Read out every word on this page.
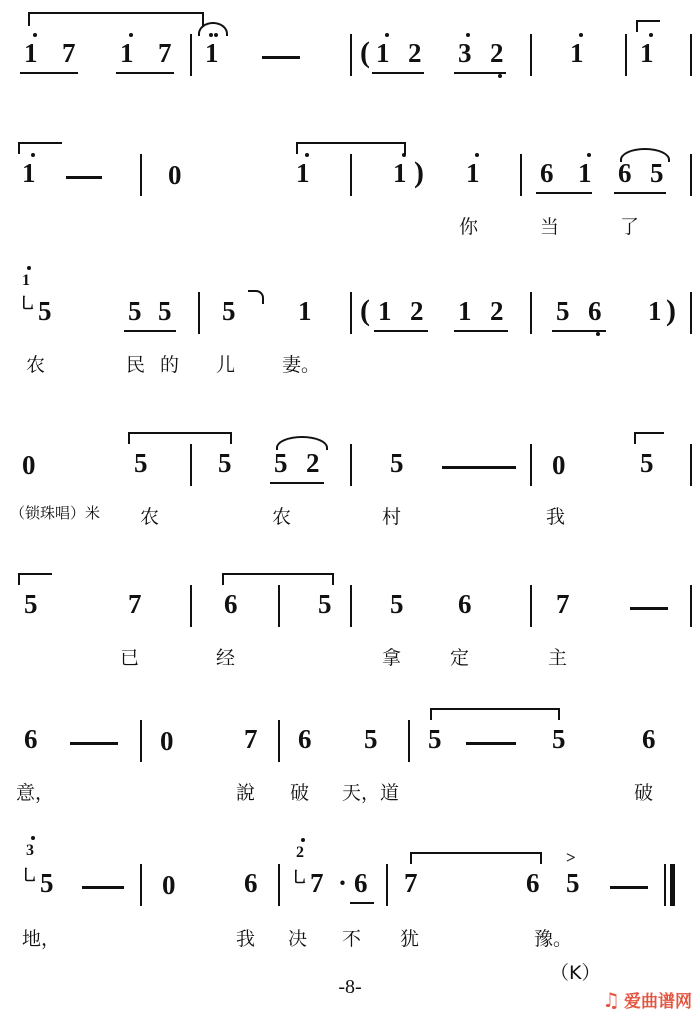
1 7 1 7 1	( 1 2 3 2 1 1
1	0	1	1 ) 1
你
6 1
当
6 5
了
1
乚 5
农
5 5
民 的
5
儿
1
妻。
( 1 2 1 2 5 6 1 )
0
（锁珠唱）米
5	5
农
5 2
农
5
村
0
我
5
5
已
7	6
经
5 5
拿
6
定
7
主
6
意，
0	7
說
6
破
5
天，道
5	5	6
破
3
乚 5
地，
0	6
我
2
乚 7 · 6
决
7
不 犹
6
>
5
豫。
（K）
-8-
♫ 爱曲谱网
